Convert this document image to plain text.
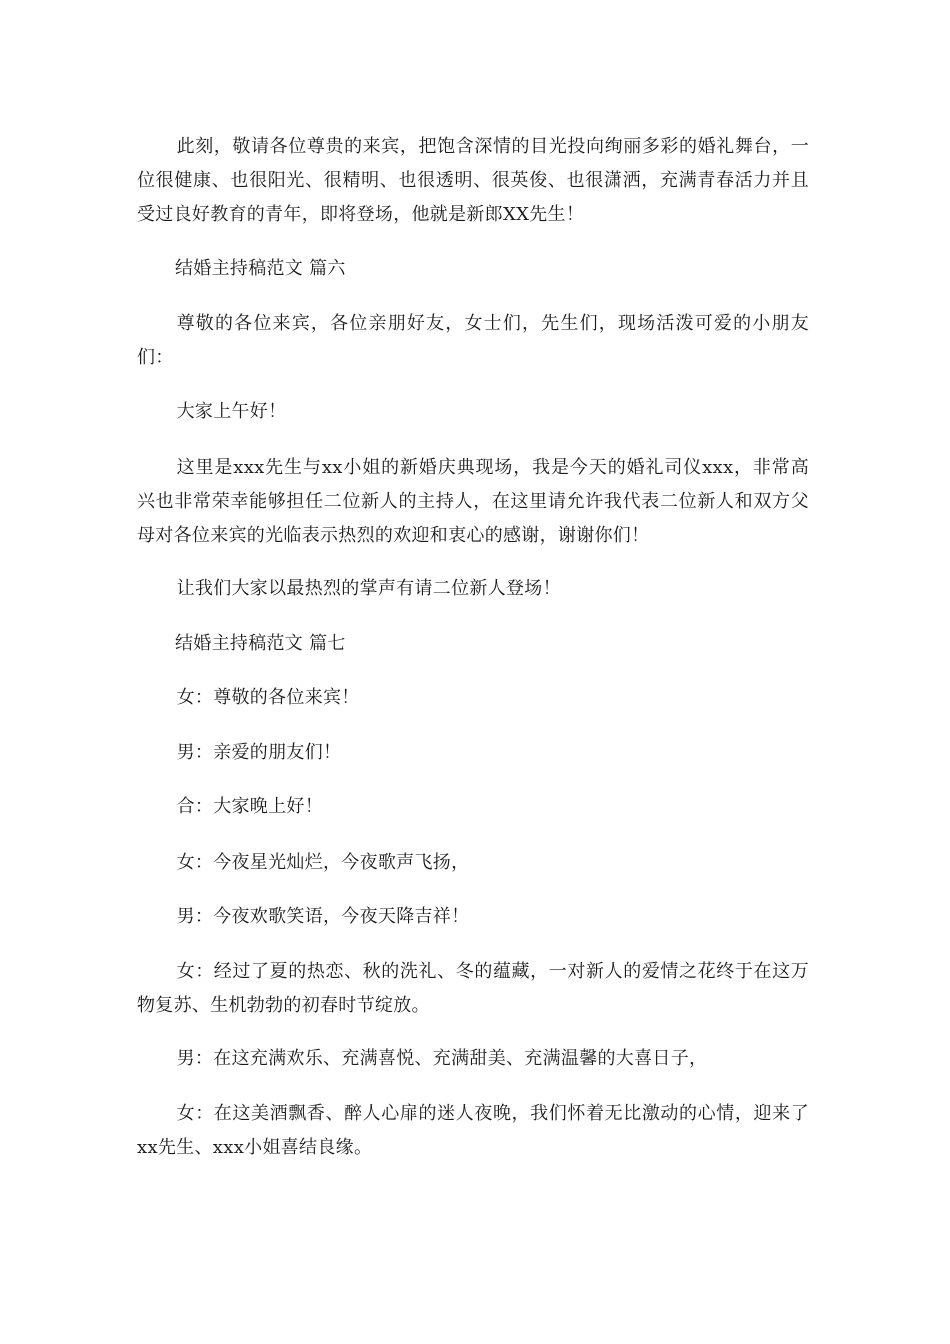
此刻，敬请各位尊贵的来宾，把饱含深情的目光投向绚丽多彩的婚礼舞台，一位很健康、也很阳光、很精明、也很透明、很英俊、也很潇洒，充满青春活力并且受过良好教育的青年，即将登场，他就是新郎XX先生！

结婚主持稿范文 篇六

尊敬的各位来宾，各位亲朋好友，女士们，先生们，现场活泼可爱的小朋友们：

大家上午好！

这里是xxx先生与xx小姐的新婚庆典现场，我是今天的婚礼司仪xxx，非常高兴也非常荣幸能够担任二位新人的主持人，在这里请允许我代表二位新人和双方父母对各位来宾的光临表示热烈的欢迎和衷心的感谢，谢谢你们！

让我们大家以最热烈的掌声有请二位新人登场！

结婚主持稿范文 篇七

女：尊敬的各位来宾！

男：亲爱的朋友们！

合：大家晚上好！

女：今夜星光灿烂，今夜歌声飞扬，

男：今夜欢歌笑语，今夜天降吉祥！

女：经过了夏的热恋、秋的洗礼、冬的蕴藏，一对新人的爱情之花终于在这万物复苏、生机勃勃的初春时节绽放。

男：在这充满欢乐、充满喜悦、充满甜美、充满温馨的大喜日子，

女：在这美酒飘香、醉人心扉的迷人夜晚，我们怀着无比激动的心情，迎来了xx先生、xxx小姐喜结良缘。
